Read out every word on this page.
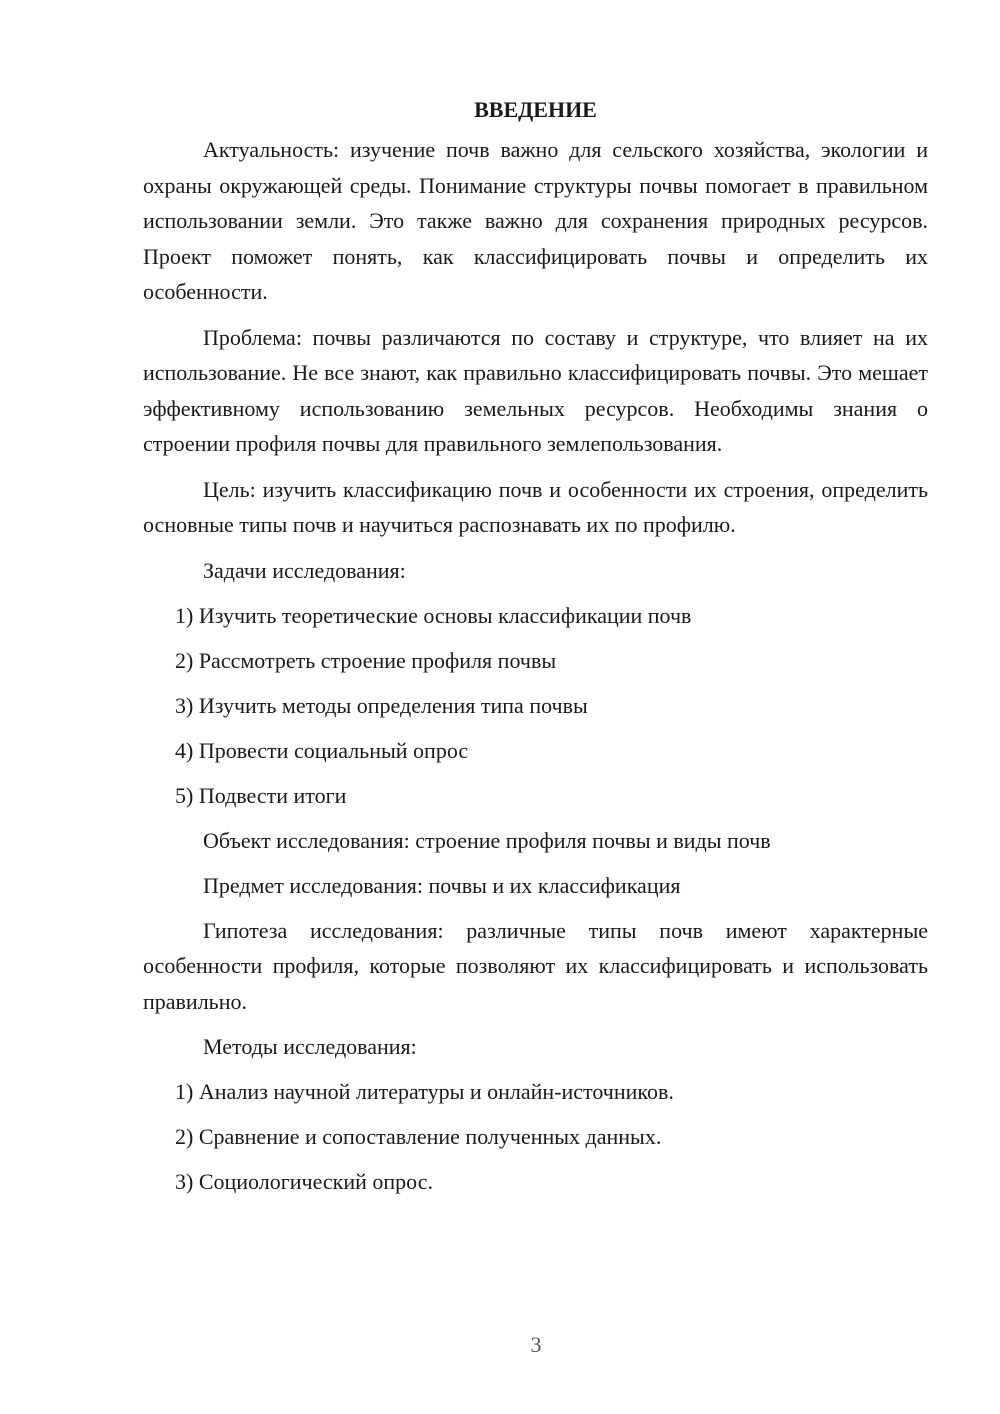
ВВЕДЕНИЕ

Актуальность: изучение почв важно для сельского хозяйства, экологии и охраны окружающей среды. Понимание структуры почвы помогает в правильном использовании земли. Это также важно для сохранения природных ресурсов. Проект поможет понять, как классифицировать почвы и определить их особенности.

Проблема: почвы различаются по составу и структуре, что влияет на их использование. Не все знают, как правильно классифицировать почвы. Это мешает эффективному использованию земельных ресурсов. Необходимы знания о строении профиля почвы для правильного землепользования.

Цель: изучить классификацию почв и особенности их строения, определить основные типы почв и научиться распознавать их по профилю.

Задачи исследования:
1) Изучить теоретические основы классификации почв
2) Рассмотреть строение профиля почвы
3) Изучить методы определения типа почвы
4) Провести социальный опрос
5) Подвести итоги
Объект исследования: строение профиля почвы и виды почв
Предмет исследования: почвы и их классификация

Гипотеза исследования: различные типы почв имеют характерные особенности профиля, которые позволяют их классифицировать и использовать правильно.

Методы исследования:
1) Анализ научной литературы и онлайн-источников.
2) Сравнение и сопоставление полученных данных.
3) Социологический опрос.
3
